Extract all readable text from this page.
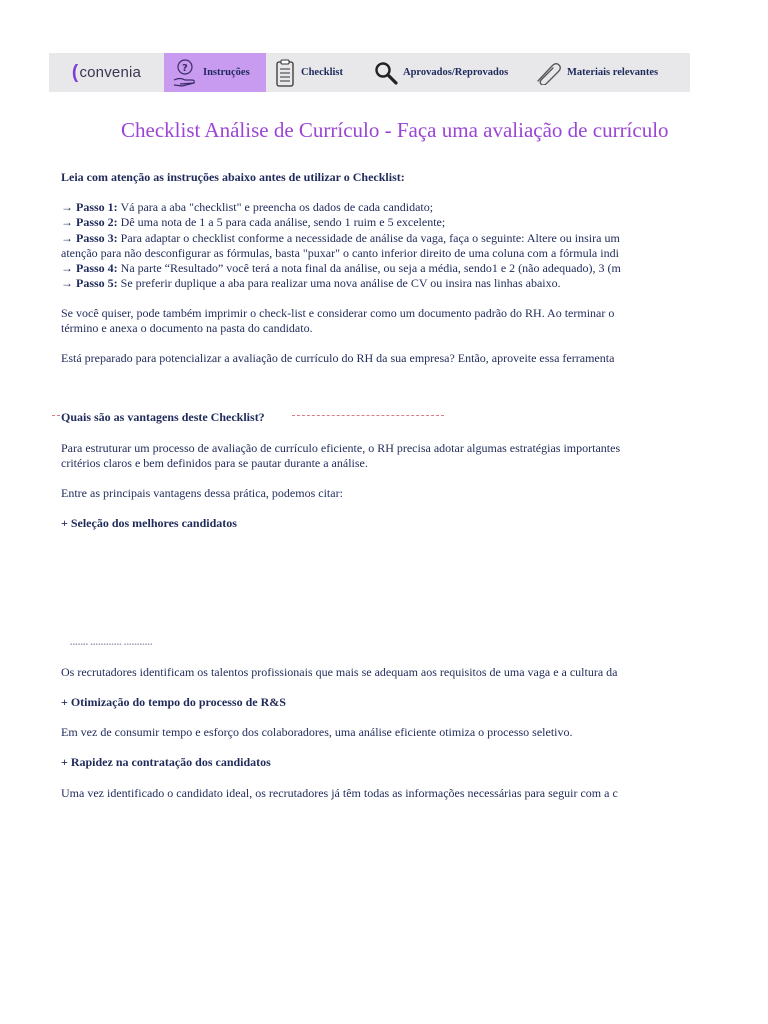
( convenia	? Instruções	Checklist	Aprovados/Reprovados	Materiais relevantes
Checklist Análise de Currículo - Faça uma avaliação de currículo
Leia com atenção as instruções abaixo antes de utilizar o Checklist:
→ Passo 1: Vá para a aba "checklist" e preencha os dados de cada candidato;
→ Passo 2: Dê uma nota de 1 a 5 para cada análise, sendo 1 ruim e 5 excelente;
→ Passo 3: Para adaptar o checklist conforme a necessidade de análise da vaga, faça o seguinte: Altere ou insira um
atenção para não desconfigurar as fórmulas, basta "puxar" o canto inferior direito de uma coluna com a fórmula indi
→ Passo 4: Na parte “Resultado” você terá a nota final da análise, ou seja a média, sendo1 e 2 (não adequado), 3 (m
→ Passo 5: Se preferir duplique a aba para realizar uma nova análise de CV ou insira nas linhas abaixo.
Se você quiser, pode também imprimir o check-list e considerar como um documento padrão do RH. Ao terminar o
término e anexa o documento na pasta do candidato.
Está preparado para potencializar a avaliação de currículo do RH da sua empresa? Então, aproveite essa ferramenta
Quais são as vantagens deste Checklist?
Para estruturar um processo de avaliação de currículo eficiente, o RH precisa adotar algumas estratégias importantes
critérios claros e bem definidos para se pautar durante a análise.
Entre as principais vantagens dessa prática, podemos citar:
+ Seleção dos melhores candidatos
▪▪▪▪▪▪▪ ▪▪▪▪▪▪▪▪▪▪▪▪ ▪▪▪▪▪▪▪▪▪▪▪
Os recrutadores identificam os talentos profissionais que mais se adequam aos requisitos de uma vaga e a cultura da
+ Otimização do tempo do processo de R&S
Em vez de consumir tempo e esforço dos colaboradores, uma análise eficiente otimiza o processo seletivo.
+ Rapidez na contratação dos candidatos
Uma vez identificado o candidato ideal, os recrutadores já têm todas as informações necessárias para seguir com a c
